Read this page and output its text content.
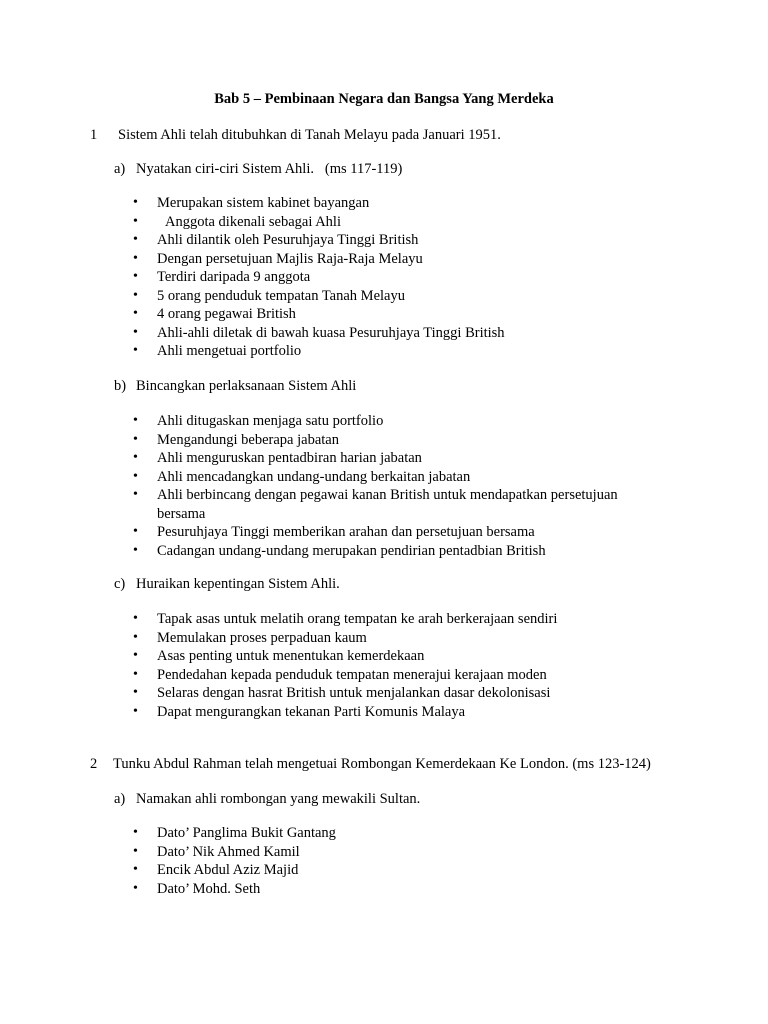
Bab 5 – Pembinaan Negara dan Bangsa Yang Merdeka
1 Sistem Ahli telah ditubuhkan di Tanah Melayu pada Januari 1951.
a) Nyatakan ciri-ciri Sistem Ahli.   (ms 117-119)
• Merupakan sistem kabinet bayangan
• Anggota dikenali sebagai Ahli
• Ahli dilantik oleh Pesuruhjaya Tinggi British
• Dengan persetujuan Majlis Raja-Raja Melayu
• Terdiri daripada 9 anggota
• 5 orang penduduk tempatan Tanah Melayu
• 4 orang pegawai British
• Ahli-ahli diletak di bawah kuasa Pesuruhjaya Tinggi British
• Ahli mengetuai portfolio
b) Bincangkan perlaksanaan Sistem Ahli
• Ahli ditugaskan menjaga satu portfolio
• Mengandungi beberapa jabatan
• Ahli menguruskan pentadbiran harian jabatan
• Ahli mencadangkan undang-undang berkaitan jabatan
• Ahli berbincang dengan pegawai kanan British untuk mendapatkan persetujuan bersama
• Pesuruhjaya Tinggi memberikan arahan dan persetujuan bersama
• Cadangan undang-undang merupakan pendirian pentadbian British
c) Huraikan kepentingan Sistem Ahli.
• Tapak asas untuk melatih orang tempatan ke arah berkerajaan sendiri
• Memulakan proses perpaduan kaum
• Asas penting untuk menentukan kemerdekaan
• Pendedahan kepada penduduk tempatan menerajui kerajaan moden
• Selaras dengan hasrat British untuk menjalankan dasar dekolonisasi
• Dapat mengurangkan tekanan Parti Komunis Malaya
2 Tunku Abdul Rahman telah mengetuai Rombongan Kemerdekaan Ke London. (ms 123-124)
a) Namakan ahli rombongan yang mewakili Sultan.
• Dato’ Panglima Bukit Gantang
• Dato’ Nik Ahmed Kamil
• Encik Abdul Aziz Majid
• Dato’ Mohd. Seth
